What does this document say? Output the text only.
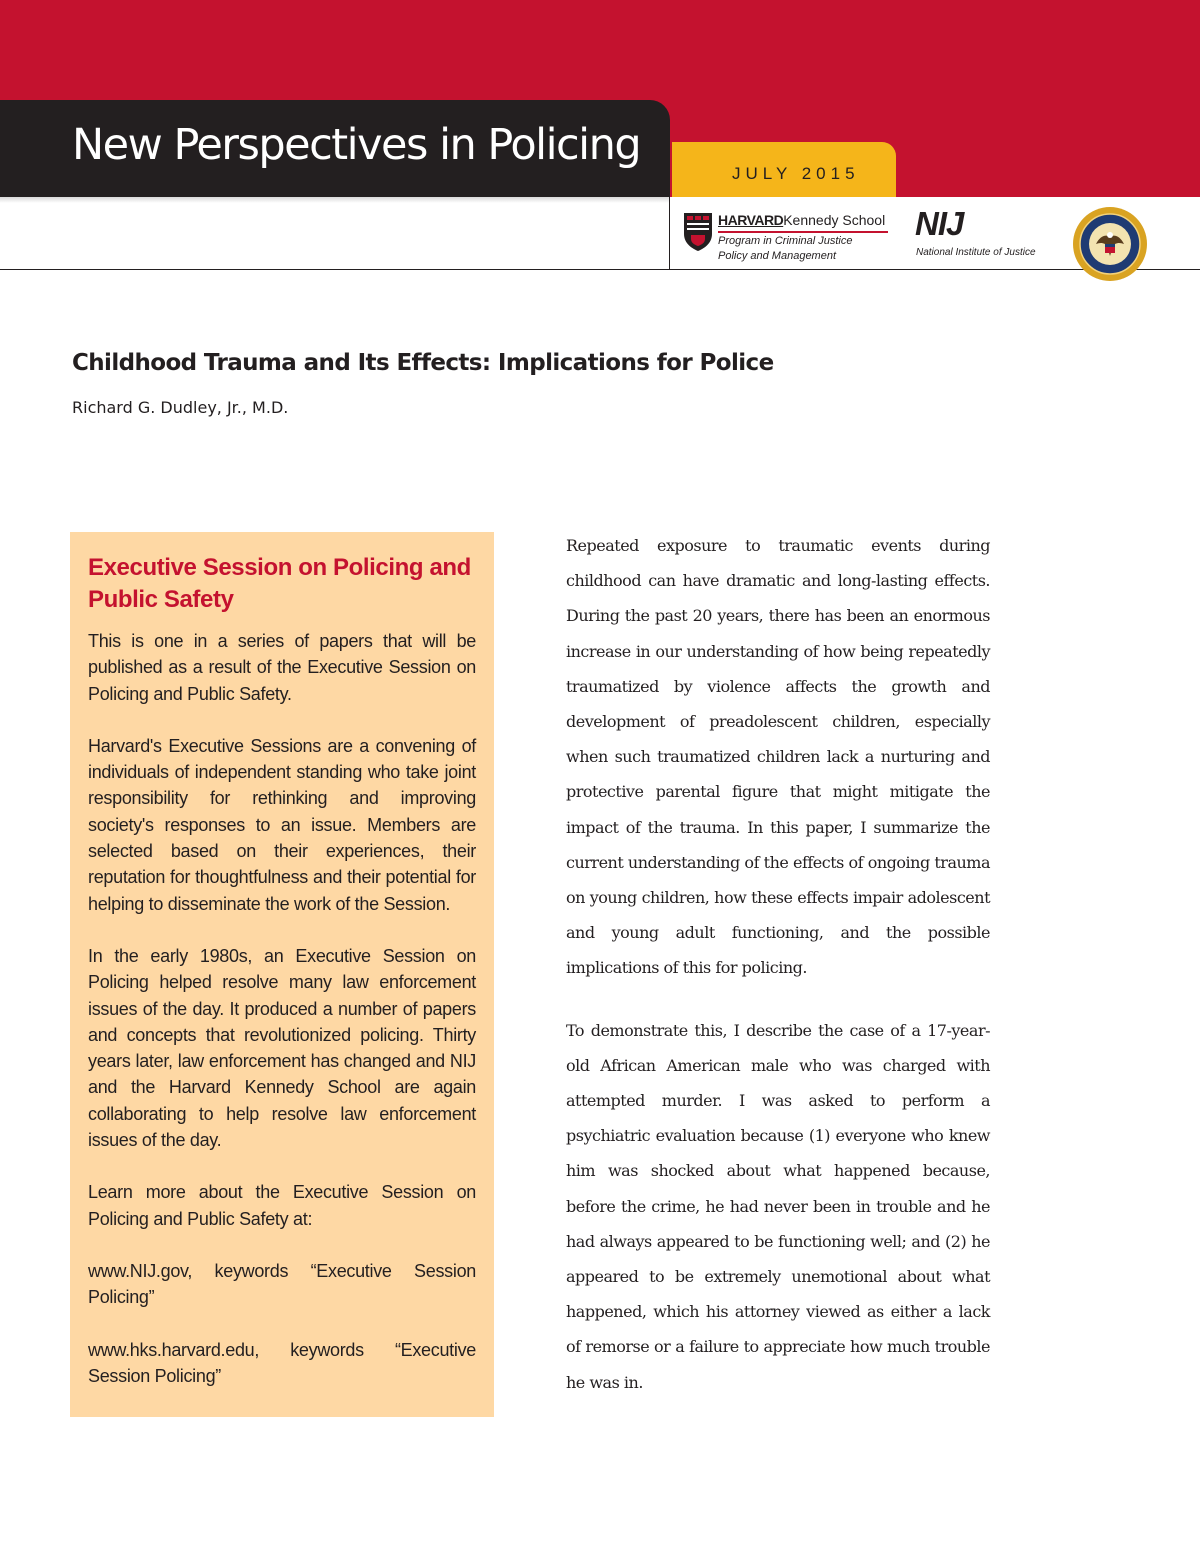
New Perspectives in Policing
JULY 2015
HARVARDKennedy School
Program in Criminal Justice
Policy and Management
NIJ
National Institute of Justice
Childhood Trauma and Its Effects: Implications for Police
Richard G. Dudley, Jr., M.D.
Executive Session on Policing and Public Safety

This is one in a series of papers that will be published as a result of the Executive Session on Policing and Public Safety.

Harvard's Executive Sessions are a convening of individuals of independent standing who take joint responsibility for rethinking and improving society's responses to an issue. Members are selected based on their experiences, their reputation for thoughtfulness and their potential for helping to disseminate the work of the Session.

In the early 1980s, an Executive Session on Policing helped resolve many law enforcement issues of the day. It produced a number of papers and concepts that revolutionized policing. Thirty years later, law enforcement has changed and NIJ and the Harvard Kennedy School are again collaborating to help resolve law enforcement issues of the day.

Learn more about the Executive Session on Policing and Public Safety at:

www.NIJ.gov, keywords “Executive Session Policing”

www.hks.harvard.edu, keywords “Executive Session Policing”

Repeated exposure to traumatic events during childhood can have dramatic and long-lasting effects. During the past 20 years, there has been an enormous increase in our understanding of how being repeatedly traumatized by violence affects the growth and development of preadolescent children, especially when such traumatized children lack a nurturing and protective parental figure that might mitigate the impact of the trauma. In this paper, I summarize the current understanding of the effects of ongoing trauma on young children, how these effects impair adolescent and young adult functioning, and the possible implications of this for policing.

To demonstrate this, I describe the case of a 17-year-old African American male who was charged with attempted murder. I was asked to perform a psychiatric evaluation because (1) everyone who knew him was shocked about what happened because, before the crime, he had never been in trouble and he had always appeared to be functioning well; and (2) he appeared to be extremely unemotional about what happened, which his attorney viewed as either a lack of remorse or a failure to appreciate how much trouble he was in.
